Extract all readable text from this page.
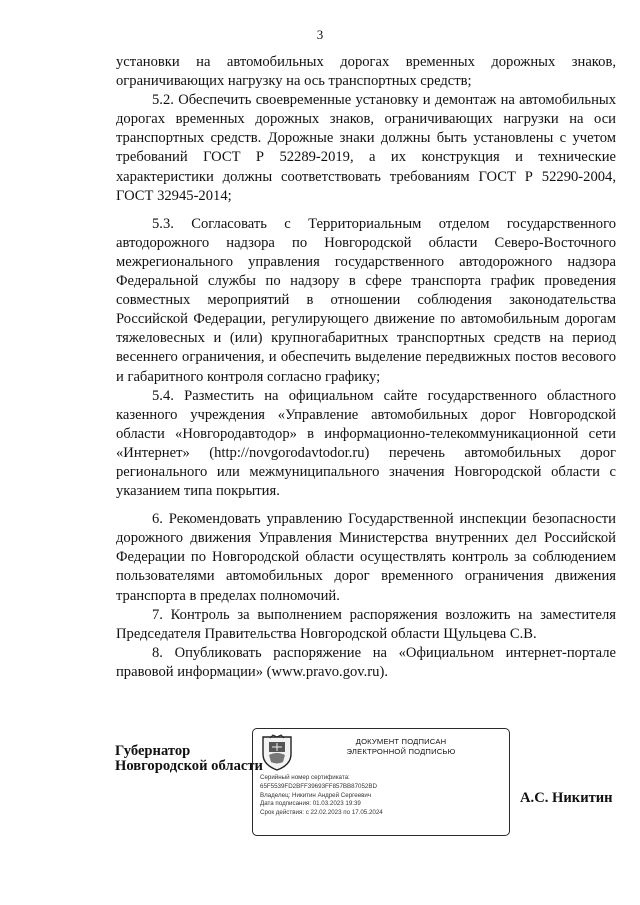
3

установки на автомобильных дорогах временных дорожных знаков, ограничивающих нагрузку на ось транспортных средств;

5.2. Обеспечить своевременные установку и демонтаж на автомобильных дорогах временных дорожных знаков, ограничивающих нагрузки на оси транспортных средств. Дорожные знаки должны быть установлены с учетом требований ГОСТ Р 52289-2019, а их конструкция и технические характеристики должны соответствовать требованиям ГОСТ Р 52290-2004, ГОСТ 32945-2014;

5.3. Согласовать с Территориальным отделом государственного автодорожного надзора по Новгородской области Северо-Восточного межрегионального управления государственного автодорожного надзора Федеральной службы по надзору в сфере транспорта график проведения совместных мероприятий в отношении соблюдения законодательства Российской Федерации, регулирующего движение по автомобильным дорогам тяжеловесных и (или) крупногабаритных транспортных средств на период весеннего ограничения, и обеспечить выделение передвижных постов весового и габаритного контроля согласно графику;

5.4. Разместить на официальном сайте государственного областного казенного учреждения «Управление автомобильных дорог Новгородской области «Новгородавтодор» в информационно-телекоммуникационной сети «Интернет» (http://novgorodavtodor.ru) перечень автомобильных дорог регионального или межмуниципального значения Новгородской области с указанием типа покрытия.

6. Рекомендовать управлению Государственной инспекции безопасности дорожного движения Управления Министерства внутренних дел Российской Федерации по Новгородской области осуществлять контроль за соблюдением пользователями автомобильных дорог временного ограничения движения транспорта в пределах полномочий.

7. Контроль за выполнением распоряжения возложить на заместителя Председателя Правительства Новгородской области Щульцева С.В.

8. Опубликовать распоряжение на «Официальном интернет-портале правовой информации» (www.pravo.gov.ru).

Губернатор
Новгородской области
ДОКУМЕНТ ПОДПИСАН
ЭЛЕКТРОННОЙ ПОДПИСЬЮ
Серийный номер сертификата:
65F5539FD2BFF39693FF857BB87052BD
Владелец: Никитин Андрей Сергеевич
Дата подписания: 01.03.2023 19:39
Срок действия: с 22.02.2023 по 17.05.2024
А.С. Никитин
